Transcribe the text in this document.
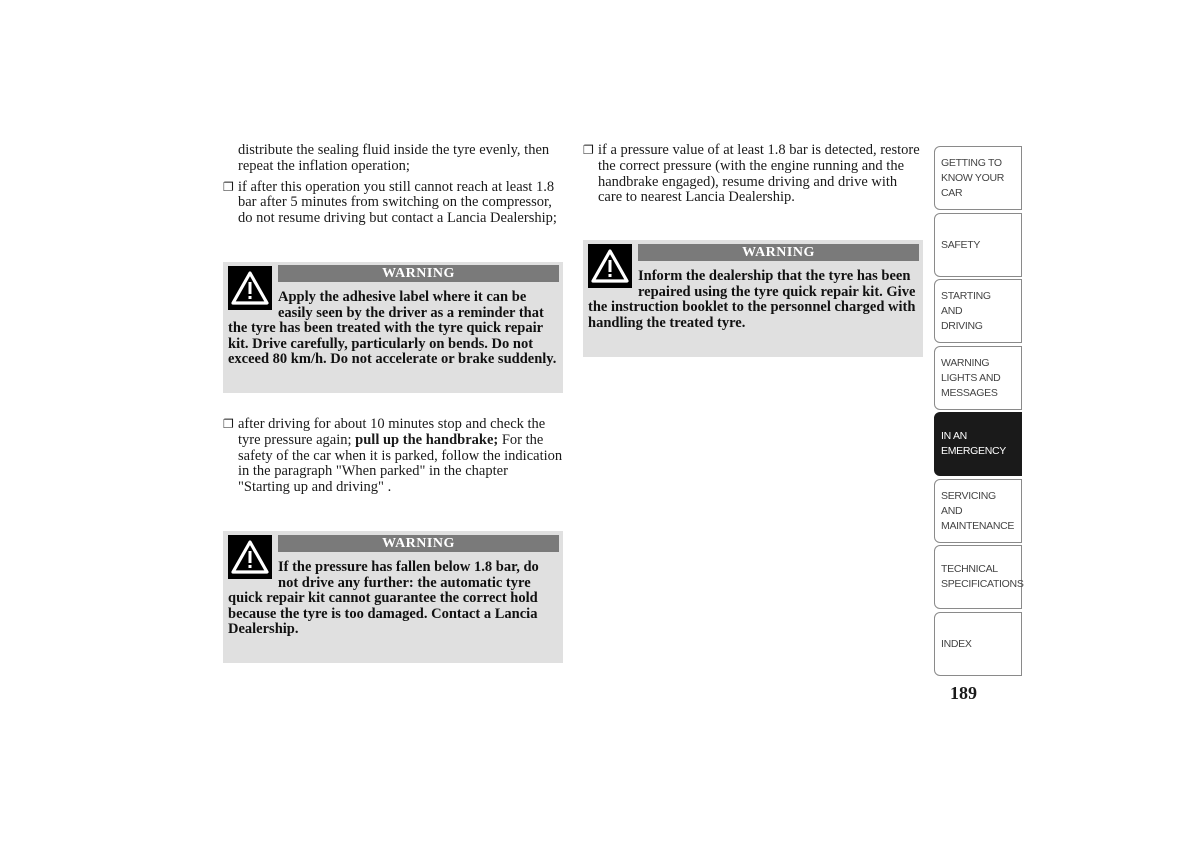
distribute the sealing fluid inside the tyre evenly, then repeat the inflation operation;

❐ if after this operation you still cannot reach at least 1.8 bar after 5 minutes from switching on the compressor, do not resume driving but contact a Lancia Dealership;

WARNING
Apply the adhesive label where it can be easily seen by the driver as a reminder that the tyre has been treated with the tyre quick repair kit. Drive carefully, particularly on bends. Do not exceed 80 km/h. Do not accelerate or brake suddenly.

❐ after driving for about 10 minutes stop and check the tyre pressure again; pull up the handbrake; For the safety of the car when it is parked, follow the indication in the paragraph "When parked" in the chapter "Starting up and driving" .

WARNING
If the pressure has fallen below 1.8 bar, do not drive any further: the automatic tyre quick repair kit cannot guarantee the correct hold because the tyre is too damaged. Contact a Lancia Dealership.

❐ if a pressure value of at least 1.8 bar is detected, restore the correct pressure (with the engine running and the handbrake engaged), resume driving and drive with care to nearest Lancia Dealership.

WARNING
Inform the dealership that the tyre has been repaired using the tyre quick repair kit. Give the instruction booklet to the personnel charged with handling the treated tyre.
GETTING TO KNOW YOUR CAR
SAFETY
STARTING AND DRIVING
WARNING LIGHTS AND MESSAGES
IN AN EMERGENCY
SERVICING AND MAINTENANCE
TECHNICAL SPECIFICATIONS
INDEX
189
